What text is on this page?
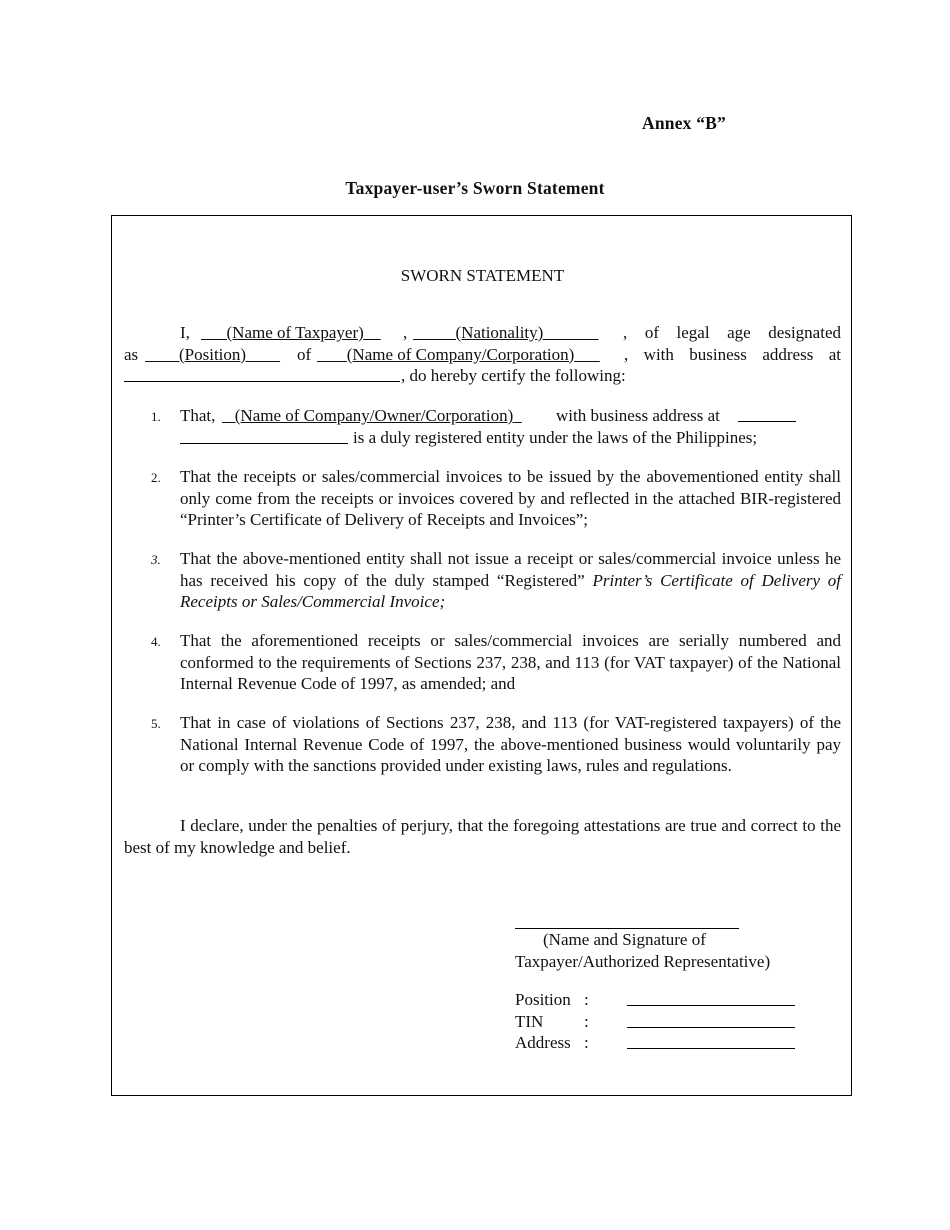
Annex “B”
Taxpayer-user’s Sworn Statement
SWORN STATEMENT
I,	(Name of Taxpayer)	,	(Nationality)	, of legal age designated
as	(Position)	of	(Name of Company/Corporation)	, with business address at
, do hereby certify the following:
1. That,	(Name of Company/Owner/Corporation)	with business address at
is a duly registered entity under the laws of the Philippines;
2. That the receipts or sales/commercial invoices to be issued by the abovementioned entity shall only come from the receipts or invoices covered by and reflected in the attached BIR-registered “Printer’s Certificate of Delivery of Receipts and Invoices”;
3. That the above-mentioned entity shall not issue a receipt or sales/commercial invoice unless he has received his copy of the duly stamped “Registered” Printer’s Certificate of Delivery of Receipts or Sales/Commercial Invoice;
4. That the aforementioned receipts or sales/commercial invoices are serially numbered and conformed to the requirements of Sections 237, 238, and 113 (for VAT taxpayer) of the National Internal Revenue Code of 1997, as amended; and
5. That in case of violations of Sections 237, 238, and 113 (for VAT-registered taxpayers) of the National Internal Revenue Code of 1997, the above-mentioned business would voluntarily pay or comply with the sanctions provided under existing laws, rules and regulations.
I declare, under the penalties of perjury, that the foregoing attestations are true and correct to the best of my knowledge and belief.
(Name and Signature of
Taxpayer/Authorized Representative)
Position :
TIN :
Address :
